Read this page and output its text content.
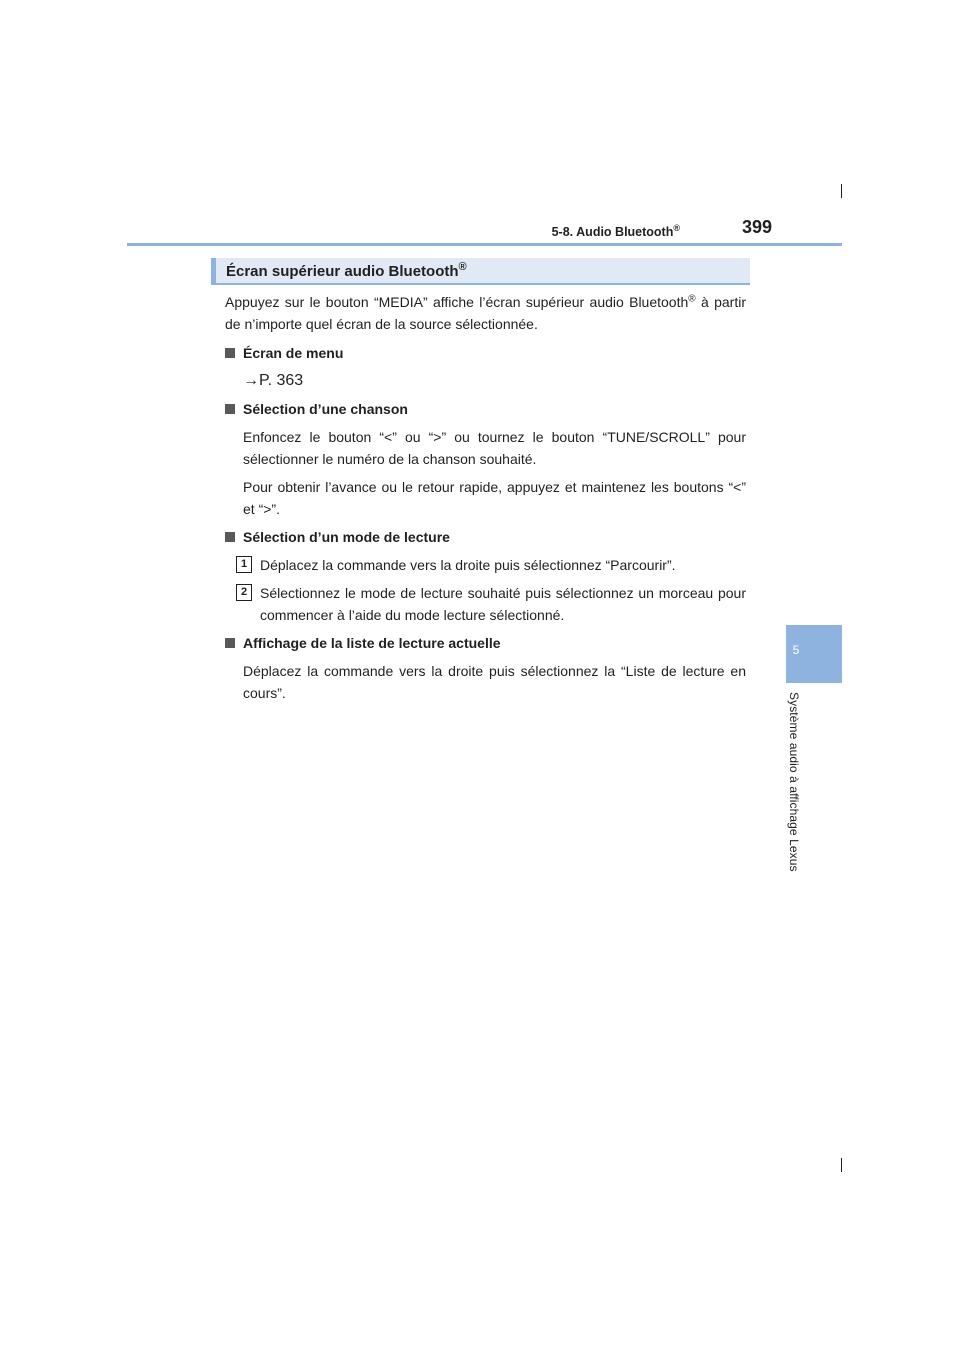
5-8. Audio Bluetooth®	399
5
Système audio à affichage Lexus
Écran supérieur audio Bluetooth®

Appuyez sur le bouton “MEDIA” affiche l’écran supérieur audio Bluetooth® à partir de n’importe quel écran de la source sélectionnée.

Écran de menu

→P. 363

Sélection d’une chanson

Enfoncez le bouton “<” ou “>” ou tournez le bouton “TUNE/SCROLL” pour sélectionner le numéro de la chanson souhaité.

Pour obtenir l’avance ou le retour rapide, appuyez et maintenez les boutons “<” et “>”.

Sélection d’un mode de lecture

1 Déplacez la commande vers la droite puis sélectionnez “Parcourir”.
2 Sélectionnez le mode de lecture souhaité puis sélectionnez un morceau pour commencer à l’aide du mode lecture sélectionné.

Affichage de la liste de lecture actuelle

Déplacez la commande vers la droite puis sélectionnez la “Liste de lecture en cours”.
